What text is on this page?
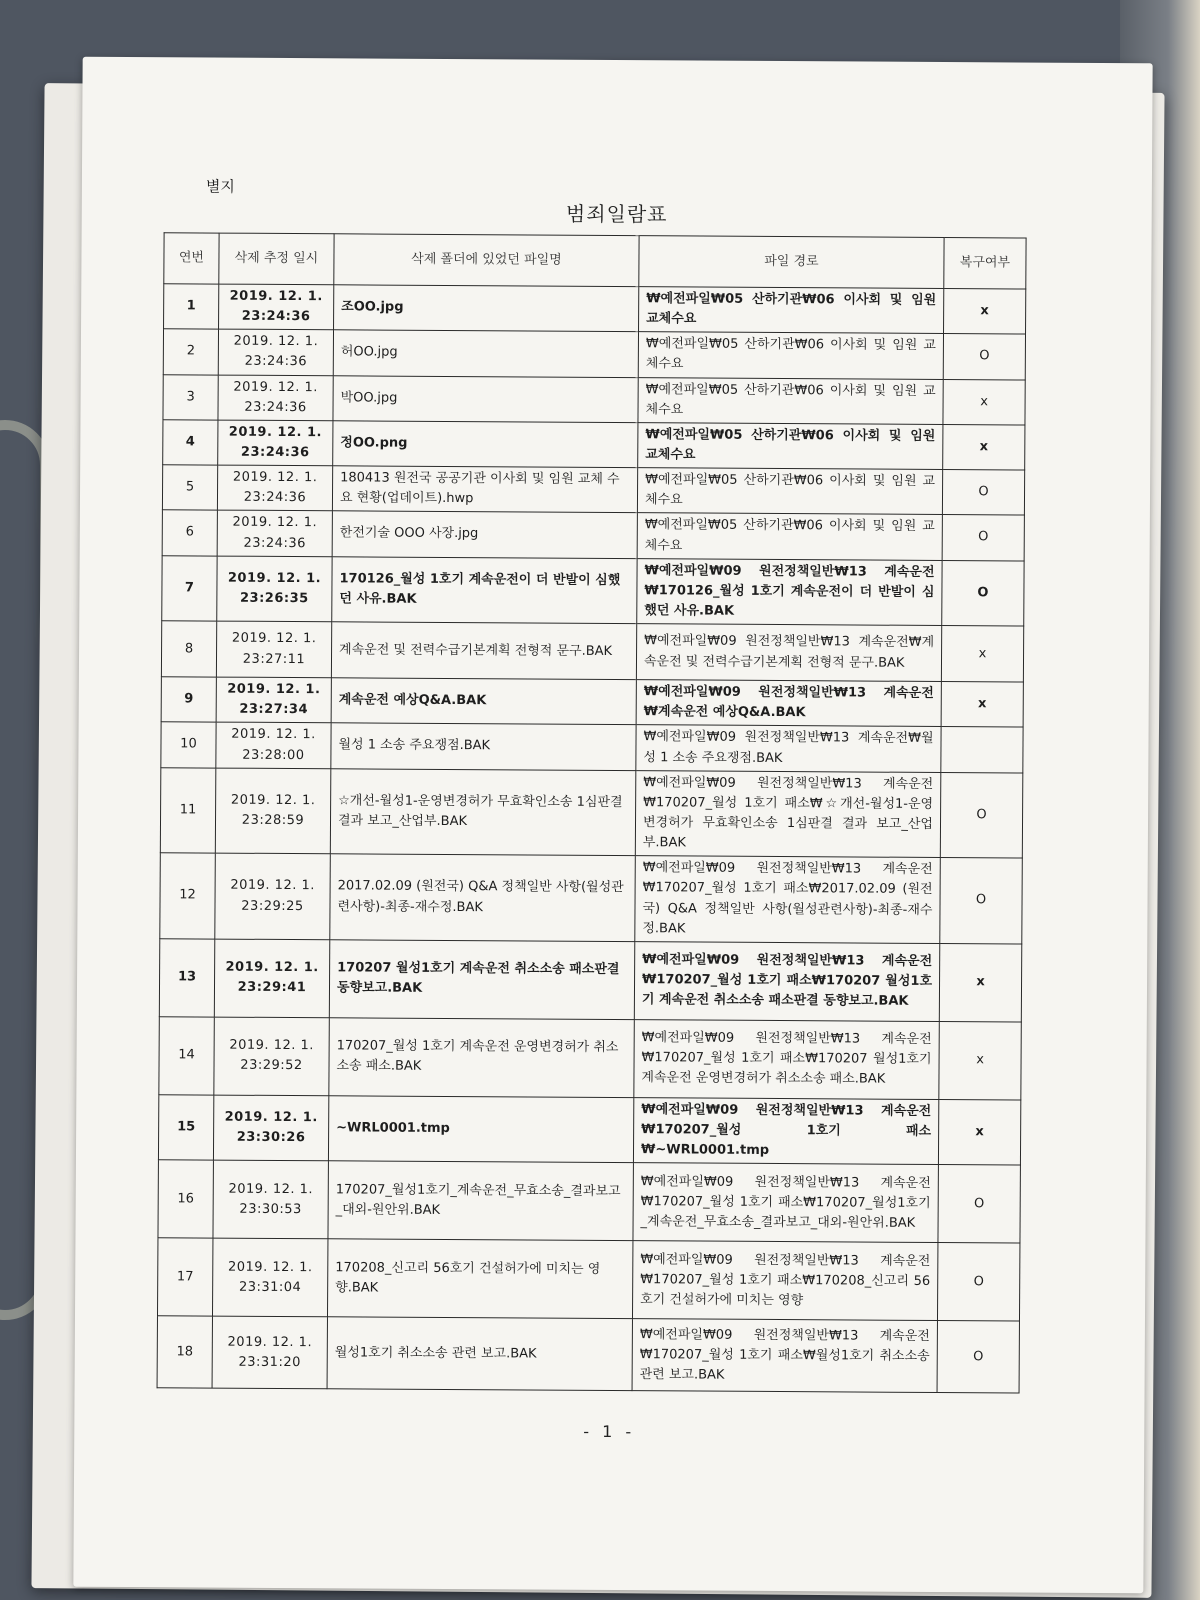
별지
범죄일람표
연번	삭제 추정 일시	삭제 폴더에 있었던 파일명	파일 경로	복구여부
1	2019. 12. 1. 23:24:36	조OO.jpg	₩예전파일₩05 산하기관₩06 이사회 및 임원 교체수요	x
2	2019. 12. 1. 23:24:36	허OO.jpg	₩예전파일₩05 산하기관₩06 이사회 및 임원 교체수요	O
3	2019. 12. 1. 23:24:36	박OO.jpg	₩예전파일₩05 산하기관₩06 이사회 및 임원 교체수요	x
4	2019. 12. 1. 23:24:36	정OO.png	₩예전파일₩05 산하기관₩06 이사회 및 임원 교체수요	x
5	2019. 12. 1. 23:24:36	180413 원전국 공공기관 이사회 및 임원 교체 수요 현황(업데이트).hwp	₩예전파일₩05 산하기관₩06 이사회 및 임원 교체수요	O
6	2019. 12. 1. 23:24:36	한전기술 OOO 사장.jpg	₩예전파일₩05 산하기관₩06 이사회 및 임원 교체수요	O
7	2019. 12. 1. 23:26:35	170126_월성 1호기 계속운전이 더 반발이 심했던 사유.BAK	₩예전파일₩09 원전정책일반₩13 계속운전₩170126_월성 1호기 계속운전이 더 반발이 심했던 사유.BAK	O
8	2019. 12. 1. 23:27:11	계속운전 및 전력수급기본계획 전형적 문구.BAK	₩예전파일₩09 원전정책일반₩13 계속운전₩계속운전 및 전력수급기본계획 전형적 문구.BAK	x
9	2019. 12. 1. 23:27:34	계속운전 예상Q&A.BAK	₩예전파일₩09 원전정책일반₩13 계속운전₩계속운전 예상Q&A.BAK	x
10	2019. 12. 1. 23:28:00	월성 1 소송 주요쟁점.BAK	₩예전파일₩09 원전정책일반₩13 계속운전₩월성 1 소송 주요쟁점.BAK	
11	2019. 12. 1. 23:28:59	☆개선-월성1-운영변경허가 무효확인소송 1심판결 결과 보고_산업부.BAK	₩예전파일₩09 원전정책일반₩13 계속운전₩170207_월성 1호기 패소₩☆개선-월성1-운영변경허가 무효확인소송 1심판결 결과 보고_산업부.BAK	O
12	2019. 12. 1. 23:29:25	2017.02.09 (원전국) Q&A 정책일반 사항(월성관련사항)-최종-재수정.BAK	₩예전파일₩09 원전정책일반₩13 계속운전₩170207_월성 1호기 패소₩2017.02.09 (원전국) Q&A 정책일반 사항(월성관련사항)-최종-재수정.BAK	O
13	2019. 12. 1. 23:29:41	170207 월성1호기 계속운전 취소소송 패소판결 동향보고.BAK	₩예전파일₩09 원전정책일반₩13 계속운전₩170207_월성 1호기 패소₩170207 월성1호기 계속운전 취소소송 패소판결 동향보고.BAK	x
14	2019. 12. 1. 23:29:52	170207_월성 1호기 계속운전 운영변경허가 취소소송 패소.BAK	₩예전파일₩09 원전정책일반₩13 계속운전₩170207_월성 1호기 패소₩170207 월성1호기 계속운전 운영변경허가 취소소송 패소.BAK	x
15	2019. 12. 1. 23:30:26	~WRL0001.tmp	₩예전파일₩09 원전정책일반₩13 계속운전₩170207_월성 1호기 패소₩~WRL0001.tmp	x
16	2019. 12. 1. 23:30:53	170207_월성1호기_계속운전_무효소송_결과보고_대외-원안위.BAK	₩예전파일₩09 원전정책일반₩13 계속운전₩170207_월성 1호기 패소₩170207_월성1호기_계속운전_무효소송_결과보고_대외-원안위.BAK	O
17	2019. 12. 1. 23:31:04	170208_신고리 56호기 건설허가에 미치는 영향.BAK	₩예전파일₩09 원전정책일반₩13 계속운전₩170207_월성 1호기 패소₩170208_신고리 56호기 건설허가에 미치는 영향	O
18	2019. 12. 1. 23:31:20	월성1호기 취소소송 관련 보고.BAK	₩예전파일₩09 원전정책일반₩13 계속운전₩170207_월성 1호기 패소₩월성1호기 취소소송 관련 보고.BAK	O
- 1 -
